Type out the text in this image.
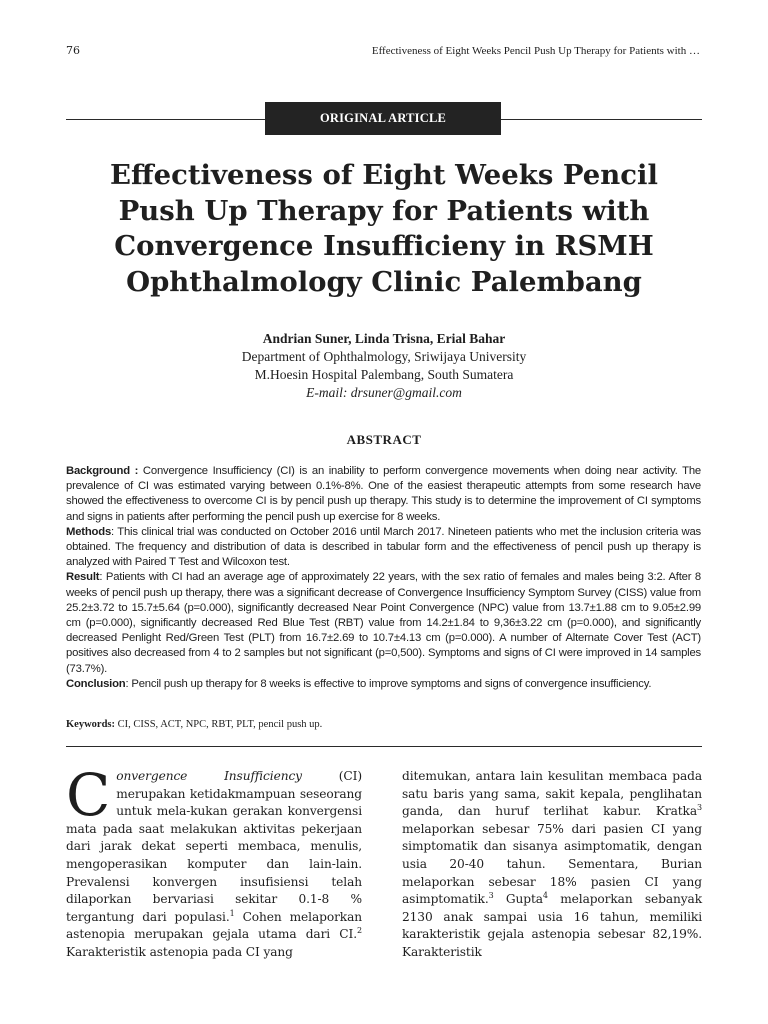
76	Effectiveness of Eight Weeks Pencil Push Up Therapy for Patients with …
ORIGINAL ARTICLE
Effectiveness of Eight Weeks Pencil Push Up Therapy for Patients with Convergence Insufficieny in RSMH Ophthalmology Clinic Palembang
Andrian Suner, Linda Trisna, Erial Bahar
Department of Ophthalmology, Sriwijaya University
M.Hoesin Hospital Palembang, South Sumatera
E-mail: drsuner@gmail.com
ABSTRACT

Background : Convergence Insufficiency (CI) is an inability to perform convergence movements when doing near activity. The prevalence of CI was estimated varying between 0.1%-8%. One of the easiest therapeutic attempts from some research have showed the effectiveness to overcome CI is by pencil push up therapy. This study is to determine the improvement of CI symptoms and signs in patients after performing the pencil push up exercise for 8 weeks.

Methods: This clinical trial was conducted on October 2016 until March 2017. Nineteen patients who met the inclusion criteria was obtained. The frequency and distribution of data is described in tabular form and the effectiveness of pencil push up therapy is analyzed with Paired T Test and Wilcoxon test.

Result: Patients with CI had an average age of approximately 22 years, with the sex ratio of females and males being 3:2. After 8 weeks of pencil push up therapy, there was a significant decrease of Convergence Insufficiency Symptom Survey (CISS) value from 25.2±3.72 to 15.7±5.64 (p=0.000), significantly decreased Near Point Convergence (NPC) value from 13.7±1.88 cm to 9.05±2.99 cm (p=0.000), significantly decreased Red Blue Test (RBT) value from 14.2±1.84 to 9,36±3.22 cm (p=0.000), and significantly decreased Penlight Red/Green Test (PLT) from 16.7±2.69 to 10.7±4.13 cm (p=0.000). A number of Alternate Cover Test (ACT) positives also decreased from 4 to 2 samples but not significant (p=0,500). Symptoms and signs of CI were improved in 14 samples (73.7%).

Conclusion: Pencil push up therapy for 8 weeks is effective to improve symptoms and signs of convergence insufficiency.

Keywords: CI, CISS, ACT, NPC, RBT, PLT, pencil push up.

Convergence Insufficiency (CI) merupakan ketidakmampuan seseorang untuk mela-kukan gerakan konvergensi mata pada saat melakukan aktivitas pekerjaan dari jarak dekat seperti membaca, menulis, mengoperasikan komputer dan lain-lain. Prevalensi konvergen insufisiensi telah dilaporkan bervariasi sekitar 0.1-8 % tergantung dari populasi.$^1$ Cohen melaporkan astenopia merupakan gejala utama dari CI.$^2$ Karakteristik astenopia pada CI yang

ditemukan, antara lain kesulitan membaca pada satu baris yang sama, sakit kepala, penglihatan ganda, dan huruf terlihat kabur. Kratka$^3$ melaporkan sebesar 75% dari pasien CI yang simptomatik dan sisanya asimptomatik, dengan usia 20-40 tahun. Sementara, Burian melaporkan sebesar 18% pasien CI yang asimptomatik.$^3$ Gupta$^4$ melaporkan sebanyak 2130 anak sampai usia 16 tahun, memiliki karakteristik gejala astenopia sebesar 82,19%. Karakteristik
